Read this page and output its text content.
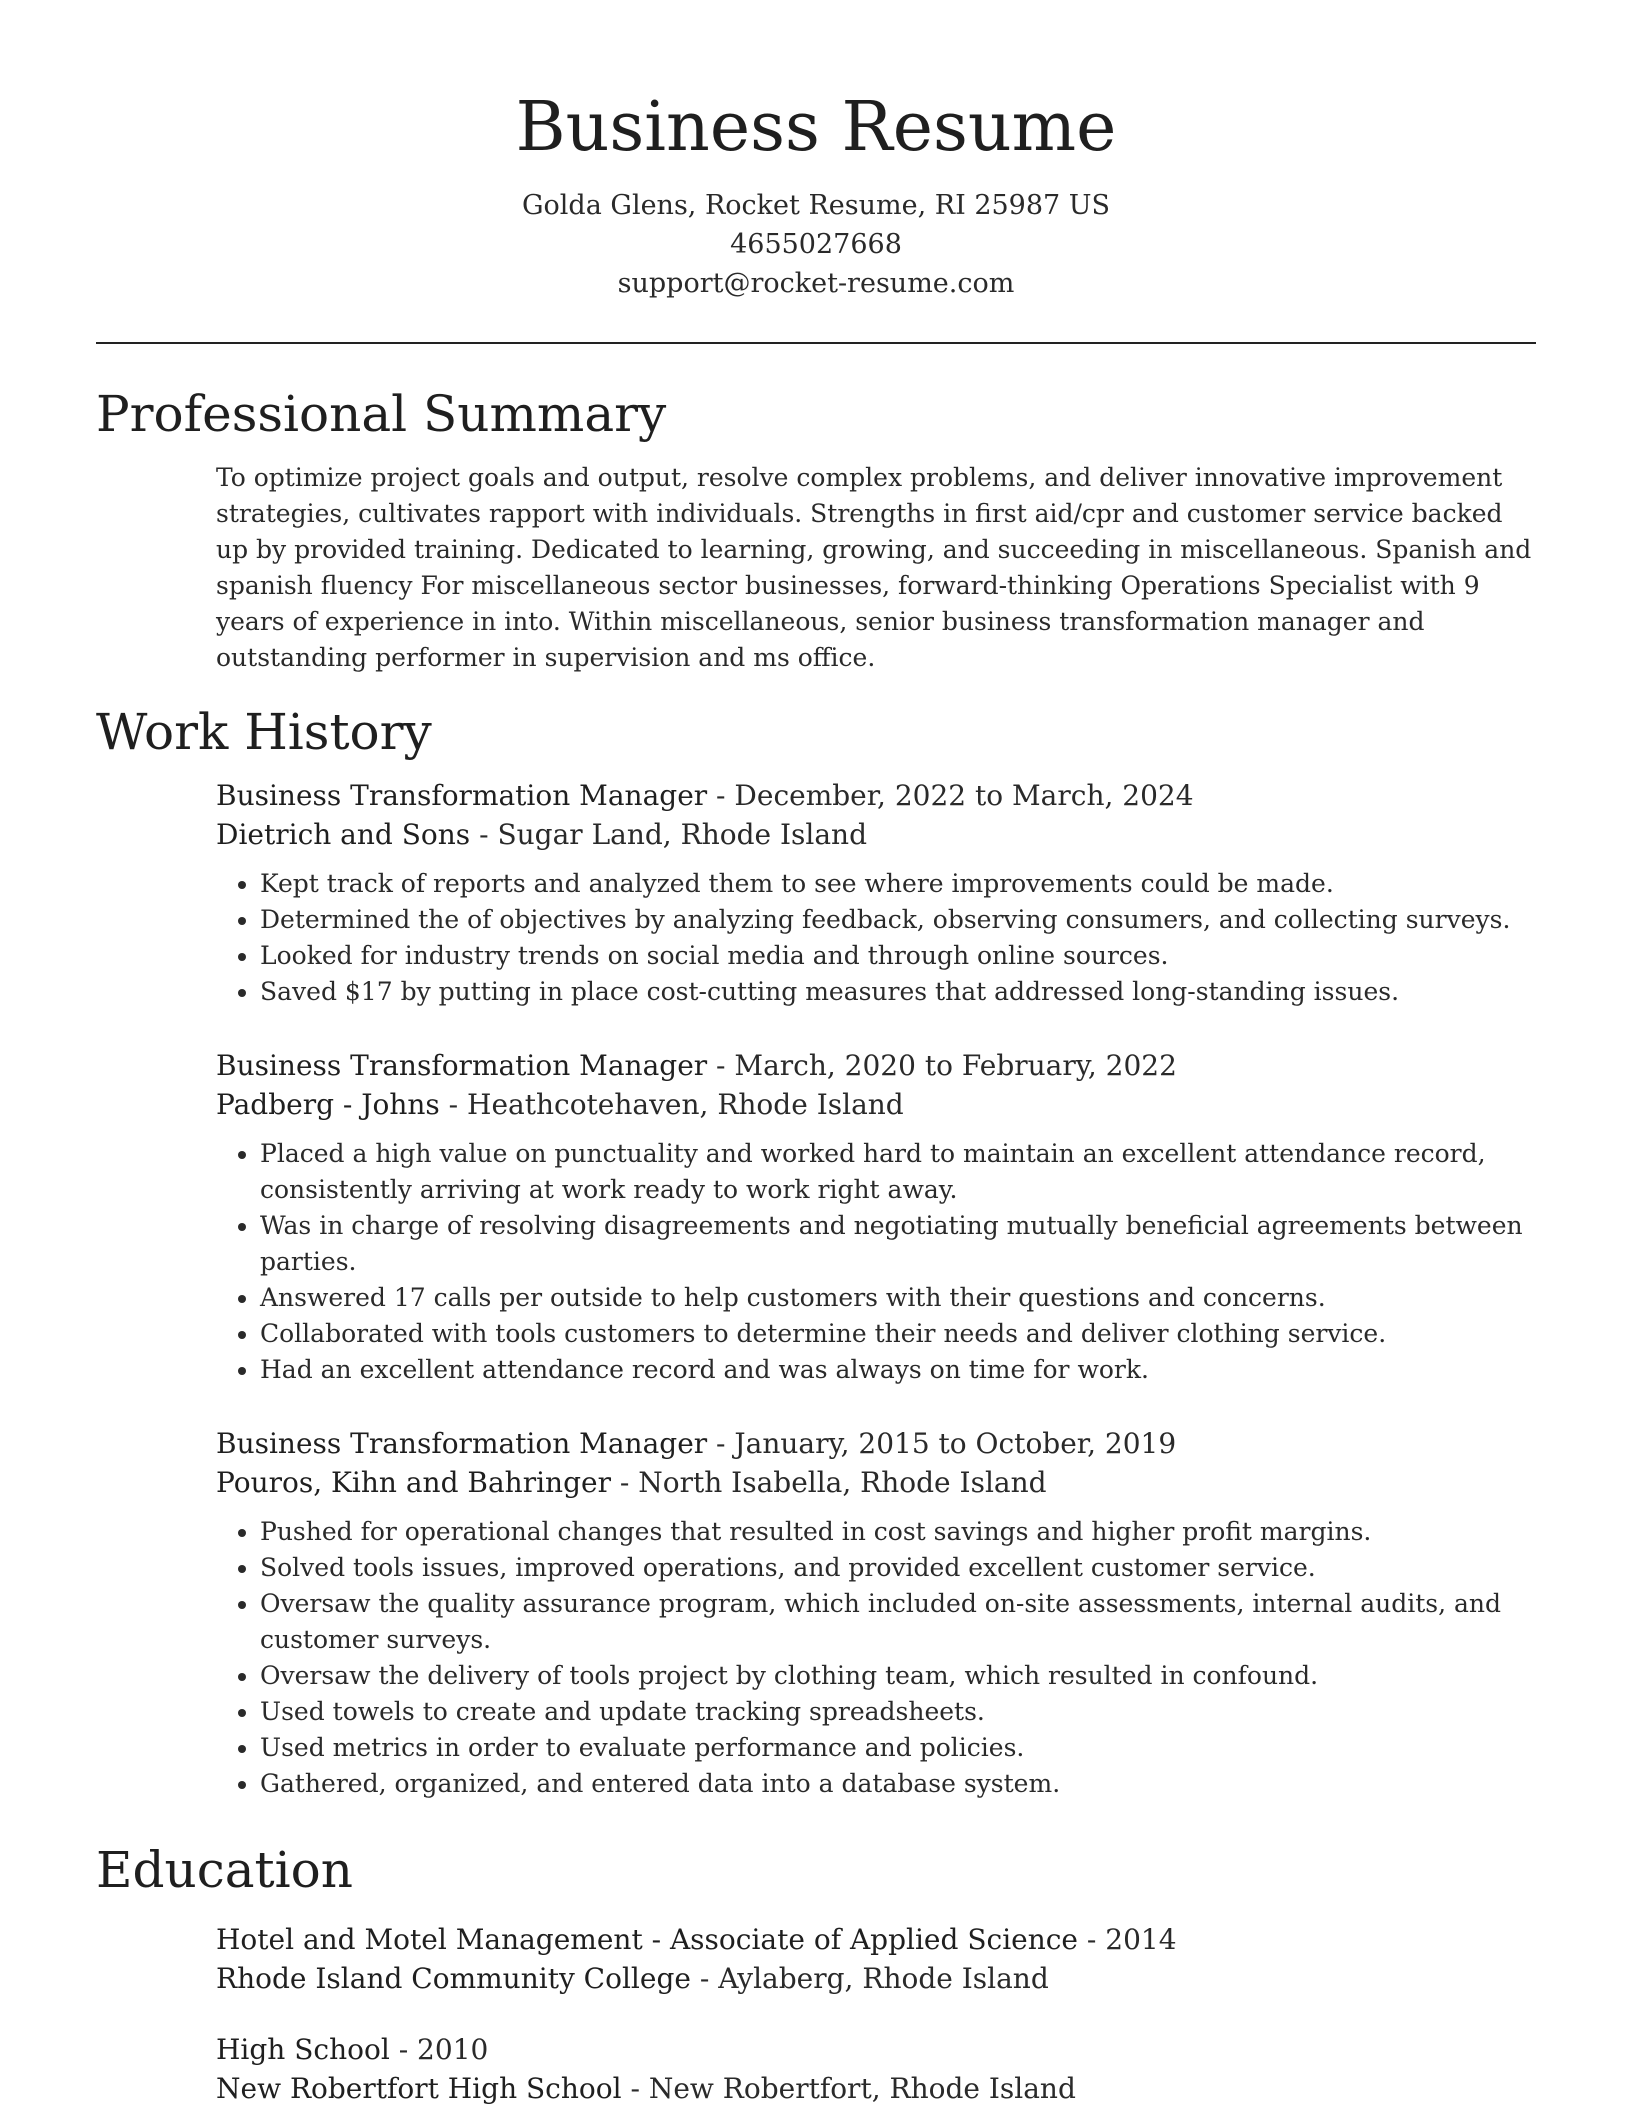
Business Resume
Golda Glens, Rocket Resume, RI 25987 US
4655027668
support@rocket-resume.com
Professional Summary

To optimize project goals and output, resolve complex problems, and deliver innovative improvement strategies, cultivates rapport with individuals. Strengths in first aid/cpr and customer service backed up by provided training. Dedicated to learning, growing, and succeeding in miscellaneous. Spanish and spanish fluency For miscellaneous sector businesses, forward-thinking Operations Specialist with 9 years of experience in into. Within miscellaneous, senior business transformation manager and outstanding performer in supervision and ms office.

Work History
Business Transformation Manager - December, 2022 to March, 2024
Dietrich and Sons - Sugar Land, Rhode Island
• Kept track of reports and analyzed them to see where improvements could be made.
• Determined the of objectives by analyzing feedback, observing consumers, and collecting surveys.
• Looked for industry trends on social media and through online sources.
• Saved $17 by putting in place cost-cutting measures that addressed long-standing issues.
Business Transformation Manager - March, 2020 to February, 2022
Padberg - Johns - Heathcotehaven, Rhode Island
• Placed a high value on punctuality and worked hard to maintain an excellent attendance record, consistently arriving at work ready to work right away.
• Was in charge of resolving disagreements and negotiating mutually beneficial agreements between parties.
• Answered 17 calls per outside to help customers with their questions and concerns.
• Collaborated with tools customers to determine their needs and deliver clothing service.
• Had an excellent attendance record and was always on time for work.
Business Transformation Manager - January, 2015 to October, 2019
Pouros, Kihn and Bahringer - North Isabella, Rhode Island
• Pushed for operational changes that resulted in cost savings and higher profit margins.
• Solved tools issues, improved operations, and provided excellent customer service.
• Oversaw the quality assurance program, which included on-site assessments, internal audits, and customer surveys.
• Oversaw the delivery of tools project by clothing team, which resulted in confound.
• Used towels to create and update tracking spreadsheets.
• Used metrics in order to evaluate performance and policies.
• Gathered, organized, and entered data into a database system.
Education
Hotel and Motel Management - Associate of Applied Science - 2014
Rhode Island Community College - Aylaberg, Rhode Island
High School - 2010
New Robertfort High School - New Robertfort, Rhode Island
